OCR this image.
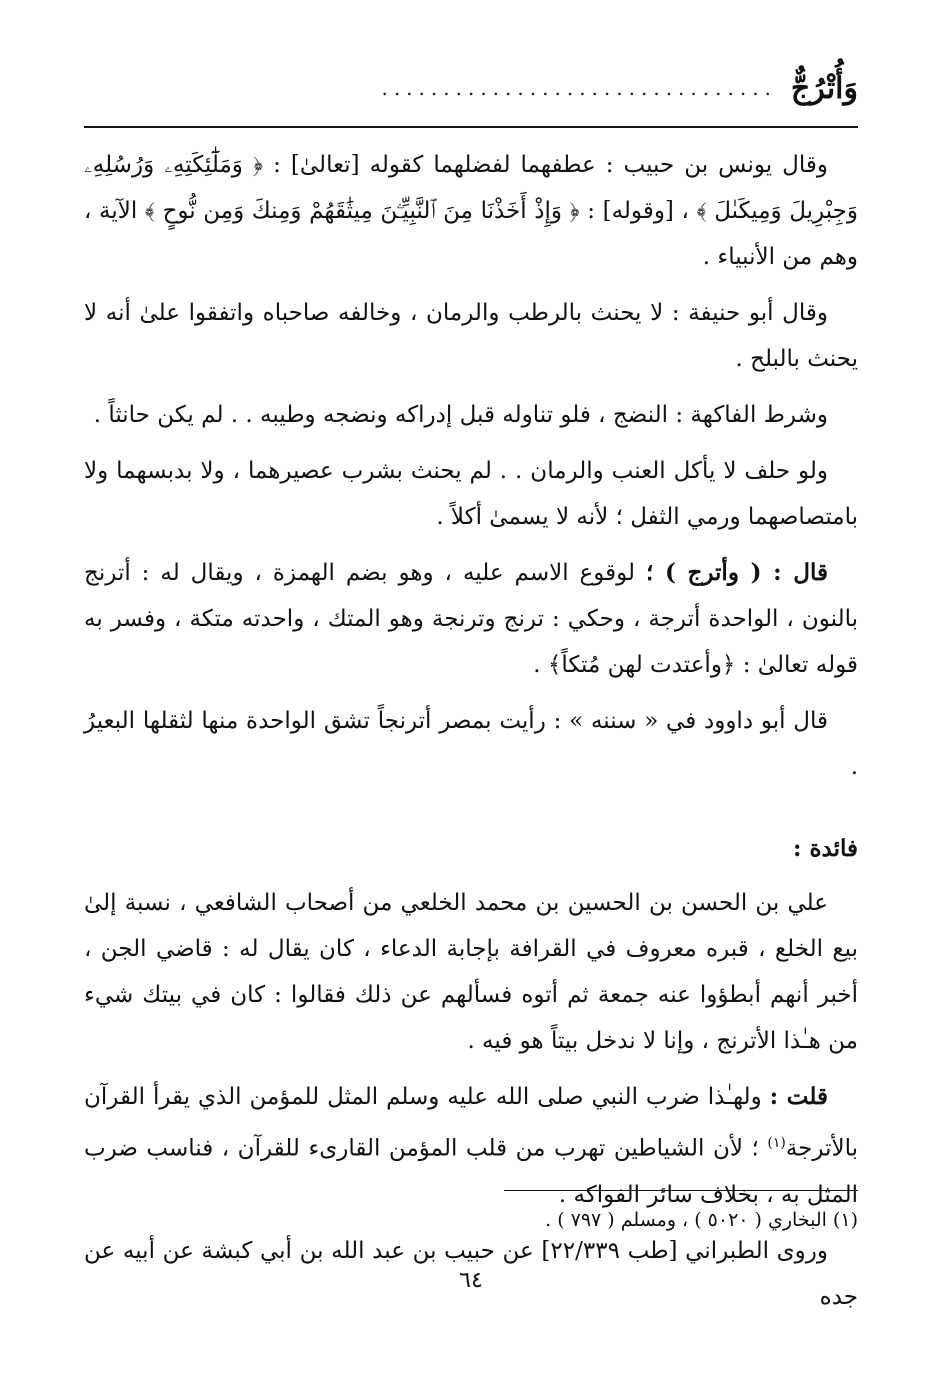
وَأُتْرُجٌّ
................................

وقال يونس بن حبيب : عطفهما لفضلهما كقوله [تعالىٰ] : ﴿ وَمَلَٰٓئِكَتِهِۦ وَرُسُلِهِۦ وَجِبْرِيلَ وَمِيكَىٰلَ ﴾ ، [وقوله] : ﴿ وَإِذْ أَخَذْنَا مِنَ ٱلنَّبِيِّـۧنَ مِيثَٰقَهُمْ وَمِنكَ وَمِن نُّوحٍ ﴾ الآية ، وهم من الأنبياء .

وقال أبو حنيفة : لا يحنث بالرطب والرمان ، وخالفه صاحباه واتفقوا علىٰ أنه لا يحنث بالبلح .

وشرط الفاكهة : النضج ، فلو تناوله قبل إدراكه ونضجه وطيبه . . لم يكن حانثاً .

ولو حلف لا يأكل العنب والرمان . . لم يحنث بشرب عصيرهما ، ولا بدبسهما ولا بامتصاصهما ورمي الثفل ؛ لأنه لا يسمىٰ أكلاً .

قال : ( وأترج ) ؛ لوقوع الاسم عليه ، وهو بضم الهمزة ، ويقال له : أترنج بالنون ، الواحدة أترجة ، وحكي : ترنج وترنجة وهو المتك ، واحدته متكة ، وفسر به قوله تعالىٰ : ﴿وأعتدت لهن مُتكاً﴾ .

قال أبو داوود في « سننه » : رأيت بمصر أترنجاً تشق الواحدة منها لثقلها البعيرُ .

فائدة :

علي بن الحسن بن الحسين بن محمد الخلعي من أصحاب الشافعي ، نسبة إلىٰ بيع الخلع ، قبره معروف في القرافة بإجابة الدعاء ، كان يقال له : قاضي الجن ، أخبر أنهم أبطؤوا عنه جمعة ثم أتوه فسألهم عن ذلك فقالوا : كان في بيتك شيء من هـٰذا الأترنج ، وإنا لا ندخل بيتاً هو فيه .

قلت : ولهـٰذا ضرب النبي صلى الله عليه وسلم المثل للمؤمن الذي يقرأ القرآن بالأترجة$^{(١)}$ ؛ لأن الشياطين تهرب من قلب المؤمن القارىء للقرآن ، فناسب ضرب المثل به ، بخلاف سائر الفواكه .

وروى الطبراني [طب ٢٢/٣٣٩] عن حبيب بن عبد الله بن أبي كبشة عن أبيه عن جده

(١) البخاري ( ٥٠٢٠ ) ، ومسلم ( ٧٩٧ ) .
٦٤
